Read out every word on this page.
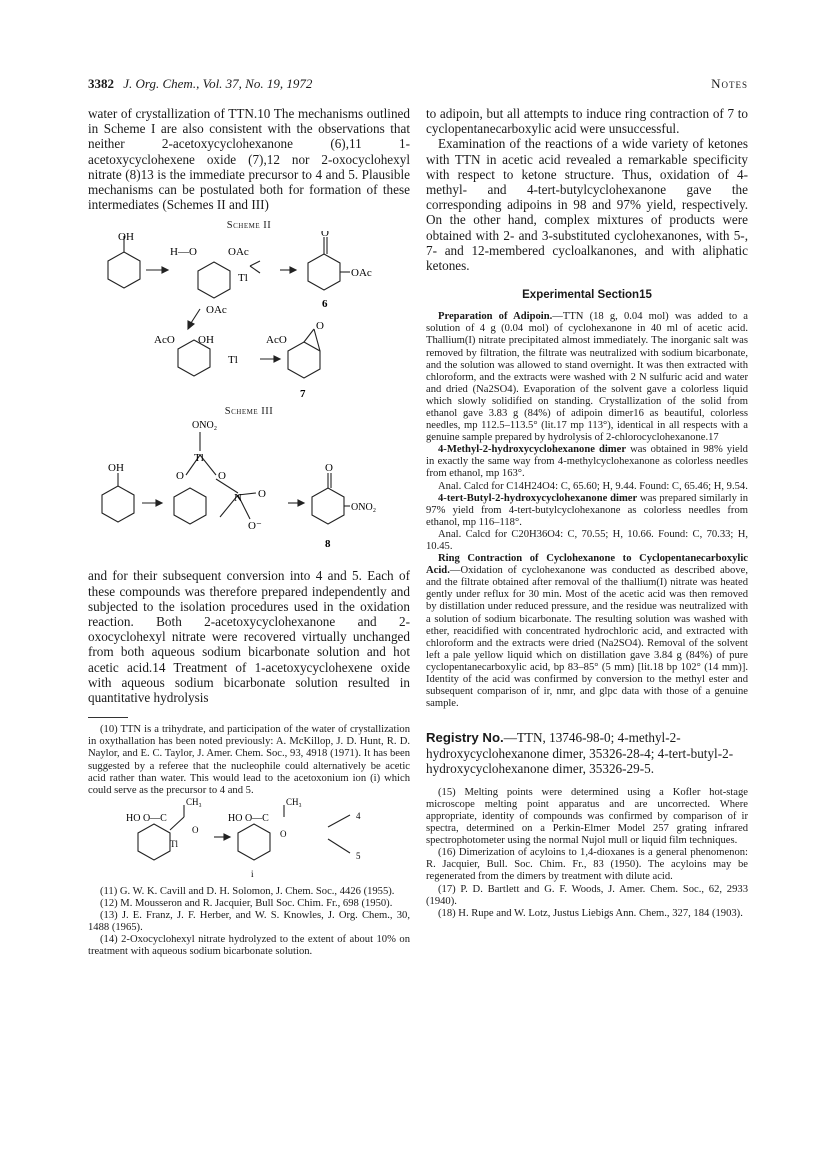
3382 J. Org. Chem., Vol. 37, No. 19, 1972	Notes

water of crystallization of TTN.10 The mechanisms outlined in Scheme I are also consistent with the observations that neither 2-acetoxycyclohexanone (6),11 1-acetoxycyclohexene oxide (7),12 nor 2-oxocyclohexyl nitrate (8)13 is the immediate precursor to 4 and 5. Plausible mechanisms can be postulated both for formation of these intermediates (Schemes II and III)

Scheme II
OH
H—O	OAc
Tl
OAc
O
OAc
6
AcO OH
Tl
AcO
O
7
Scheme III
ONO₂
Tl
OH
O	O
N O
O⁻
O
ONO₂
8

and for their subsequent conversion into 4 and 5. Each of these compounds was therefore prepared independently and subjected to the isolation procedures used in the oxidation reaction. Both 2-acetoxycyclohexanone and 2-oxocyclohexyl nitrate were recovered virtually unchanged from both aqueous sodium bicarbonate solution and hot acetic acid.14 Treatment of 1-acetoxycyclohexene oxide with aqueous sodium bicarbonate solution resulted in quantitative hydrolysis

(10) TTN is a trihydrate, and participation of the water of crystallization in oxythallation has been noted previously: A. McKillop, J. D. Hunt, R. D. Naylor, and E. C. Taylor, J. Amer. Chem. Soc., 93, 4918 (1971). It has been suggested by a referee that the nucleophile could alternatively be acetic acid rather than water. This would lead to the acetoxonium ion (i) which could serve as the precursor to 4 and 5.

HO O—C
CH₃
O
Tl
HO O—C
CH₃
O
4
5
i

(11) G. W. K. Cavill and D. H. Solomon, J. Chem. Soc., 4426 (1955).

(12) M. Mousseron and R. Jacquier, Bull Soc. Chim. Fr., 698 (1950).

(13) J. E. Franz, J. F. Herber, and W. S. Knowles, J. Org. Chem., 30, 1488 (1965).

(14) 2-Oxocyclohexyl nitrate hydrolyzed to the extent of about 10% on treatment with aqueous sodium bicarbonate solution.

to adipoin, but all attempts to induce ring contraction of 7 to cyclopentanecarboxylic acid were unsuccessful.

Examination of the reactions of a wide variety of ketones with TTN in acetic acid revealed a remarkable specificity with respect to ketone structure. Thus, oxidation of 4-methyl- and 4-tert-butylcyclohexanone gave the corresponding adipoins in 98 and 97% yield, respectively. On the other hand, complex mixtures of products were obtained with 2- and 3-substituted cyclohexanones, with 5-, 7- and 12-membered cycloalkanones, and with aliphatic ketones.

Experimental Section15

Preparation of Adipoin.—TTN (18 g, 0.04 mol) was added to a solution of 4 g (0.04 mol) of cyclohexanone in 40 ml of acetic acid. Thallium(I) nitrate precipitated almost immediately. The inorganic salt was removed by filtration, the filtrate was neutralized with sodium bicarbonate, and the solution was allowed to stand overnight. It was then extracted with chloroform, and the extracts were washed with 2 N sulfuric acid and water and dried (Na2SO4). Evaporation of the solvent gave a colorless liquid which slowly solidified on standing. Crystallization of the solid from ethanol gave 3.83 g (84%) of adipoin dimer16 as beautiful, colorless needles, mp 112.5–113.5° (lit.17 mp 113°), identical in all respects with a genuine sample prepared by hydrolysis of 2-chlorocyclohexanone.17

4-Methyl-2-hydroxycyclohexanone dimer was obtained in 98% yield in exactly the same way from 4-methylcyclohexanone as colorless needles from ethanol, mp 163°.

Anal. Calcd for C14H24O4: C, 65.60; H, 9.44. Found: C, 65.46; H, 9.54.

4-tert-Butyl-2-hydroxycyclohexanone dimer was prepared similarly in 97% yield from 4-tert-butylcyclohexanone as colorless needles from ethanol, mp 116–118°.

Anal. Calcd for C20H36O4: C, 70.55; H, 10.66. Found: C, 70.33; H, 10.45.

Ring Contraction of Cyclohexanone to Cyclopentanecarboxylic Acid.—Oxidation of cyclohexanone was conducted as described above, and the filtrate obtained after removal of the thallium(I) nitrate was heated gently under reflux for 30 min. Most of the acetic acid was then removed by distillation under reduced pressure, and the residue was neutralized with a solution of sodium bicarbonate. The resulting solution was washed with ether, reacidified with concentrated hydrochloric acid, and extracted with chloroform and the extracts were dried (Na2SO4). Removal of the solvent left a pale yellow liquid which on distillation gave 3.84 g (84%) of pure cyclopentanecarboxylic acid, bp 83–85° (5 mm) [lit.18 bp 102° (14 mm)]. Identity of the acid was confirmed by conversion to the methyl ester and subsequent comparison of ir, nmr, and glpc data with those of a genuine sample.

Registry No.—TTN, 13746-98-0; 4-methyl-2-hydroxycyclohexanone dimer, 35326-28-4; 4-tert-butyl-2-hydroxycyclohexanone dimer, 35326-29-5.

(15) Melting points were determined using a Kofler hot-stage microscope melting point apparatus and are uncorrected. Where appropriate, identity of compounds was confirmed by comparison of ir spectra, determined on a Perkin-Elmer Model 257 grating infrared spectrophotometer using the normal Nujol mull or liquid film techniques.

(16) Dimerization of acyloins to 1,4-dioxanes is a general phenomenon: R. Jacquier, Bull. Soc. Chim. Fr., 83 (1950). The acyloins may be regenerated from the dimers by treatment with dilute acid.

(17) P. D. Bartlett and G. F. Woods, J. Amer. Chem. Soc., 62, 2933 (1940).

(18) H. Rupe and W. Lotz, Justus Liebigs Ann. Chem., 327, 184 (1903).
